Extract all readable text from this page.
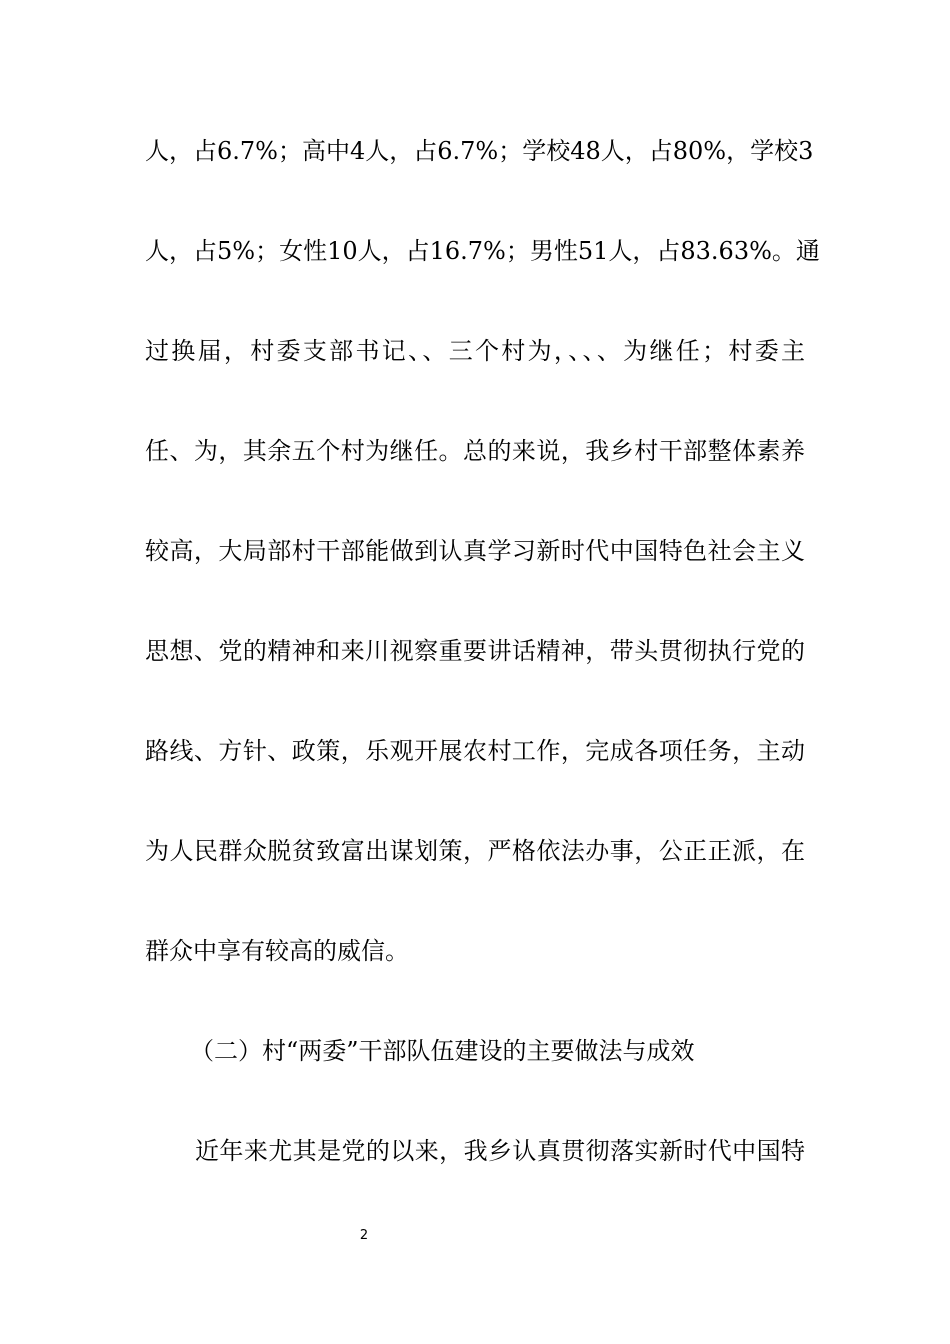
人，占6.7%；高中4人，占6.7%；学校48人，占80%，学校3
人，占5%；女性10人，占16.7%；男性51人，占83.63%。通
过换届，村委支部书记、、三个村为，、、、为继任；村委主
任、为，其余五个村为继任。总的来说，我乡村干部整体素养
较高，大局部村干部能做到认真学习新时代中国特色社会主义
思想、党的精神和来川视察重要讲话精神，带头贯彻执行党的
路线、方针、政策，乐观开展农村工作，完成各项任务，主动
为人民群众脱贫致富出谋划策，严格依法办事，公正正派，在
群众中享有较高的威信。
（二）村“两委”干部队伍建设的主要做法与成效
近年来尤其是党的以来，我乡认真贯彻落实新时代中国特
2
